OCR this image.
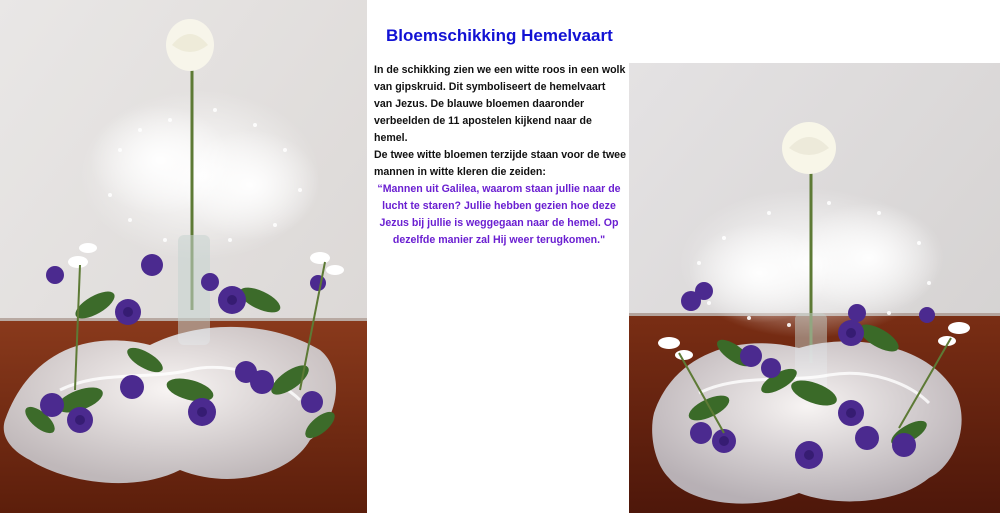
Bloemschikking Hemelvaart

In de schikking zien we een witte roos in een wolk van gipskruid. Dit symboliseert de hemelvaart van Jezus. De blauwe bloemen daaronder verbeelden de 11 apostelen kijkend naar de hemel.

De twee witte bloemen terzijde staan voor de twee mannen in witte kleren die zeiden:

“Mannen uit Galilea, waarom staan jullie naar de lucht te staren? Jullie hebben gezien hoe deze Jezus bij jullie is weggegaan naar de hemel. Op dezelfde manier zal Hij weer terugkomen."
